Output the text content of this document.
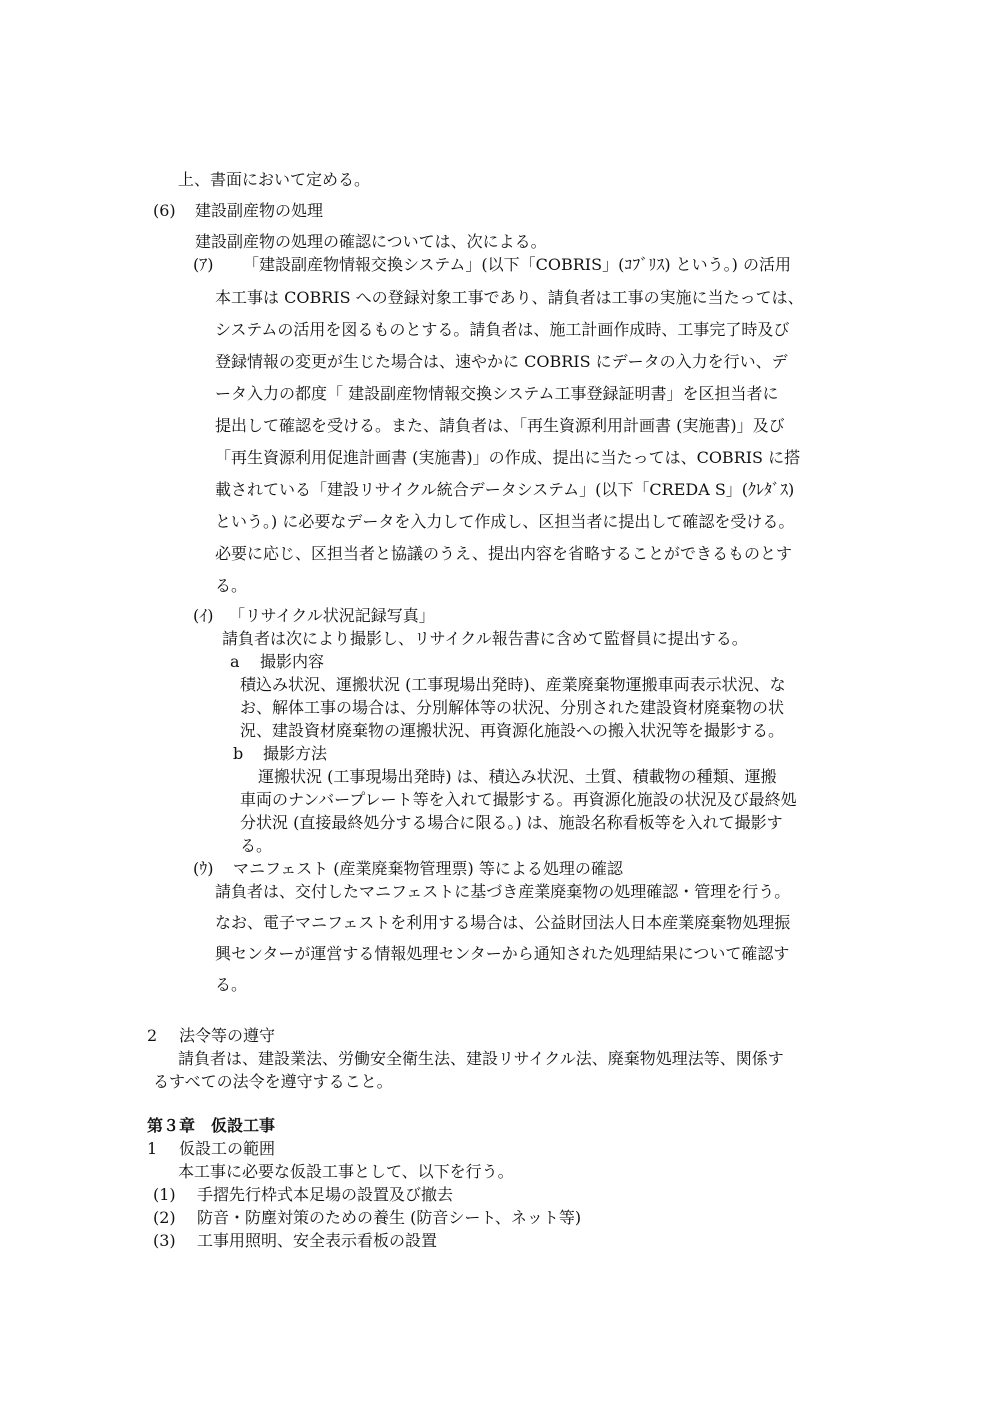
上、書面において定める。
(6) 建設副産物の処理
建設副産物の処理の確認については、次による。
(ｱ) 「建設副産物情報交換システム」(以下「COBRIS」(ｺﾌﾞﾘｽ) という。) の活用
本工事は COBRIS への登録対象工事であり、請負者は工事の実施に当たっては、
システムの活用を図るものとする。請負者は、施工計画作成時、工事完了時及び
登録情報の変更が生じた場合は、速やかに COBRIS にデータの入力を行い、デ
ータ入力の都度「 建設副産物情報交換システム工事登録証明書」を区担当者に
提出して確認を受ける。また、請負者は、「再生資源利用計画書 (実施書)」及び
「再生資源利用促進計画書 (実施書)」の作成、提出に当たっては、COBRIS に搭
載されている「建設リサイクル統合データシステム」(以下「CREDA S」(ｸﾚﾀﾞｽ)
という。) に必要なデータを入力して作成し、区担当者に提出して確認を受ける。
必要に応じ、区担当者と協議のうえ、提出内容を省略することができるものとす
る。
(ｲ) 「リサイクル状況記録写真」
請負者は次により撮影し、リサイクル報告書に含めて監督員に提出する。
a 撮影内容
積込み状況、運搬状況 (工事現場出発時)、産業廃棄物運搬車両表示状況、な
お、解体工事の場合は、分別解体等の状況、分別された建設資材廃棄物の状
況、建設資材廃棄物の運搬状況、再資源化施設への搬入状況等を撮影する。
b 撮影方法
運搬状況 (工事現場出発時) は、積込み状況、土質、積載物の種類、運搬
車両のナンバープレート等を入れて撮影する。再資源化施設の状況及び最終処
分状況 (直接最終処分する場合に限る。) は、施設名称看板等を入れて撮影す
る。
(ｳ) マニフェスト (産業廃棄物管理票) 等による処理の確認
請負者は、交付したマニフェストに基づき産業廃棄物の処理確認・管理を行う。
なお、電子マニフェストを利用する場合は、公益財団法人日本産業廃棄物処理振
興センターが運営する情報処理センターから通知された処理結果について確認す
る。
2 法令等の遵守
請負者は、建設業法、労働安全衛生法、建設リサイクル法、廃棄物処理法等、関係す
るすべての法令を遵守すること。
第３章　仮設工事
1 仮設工の範囲
本工事に必要な仮設工事として、以下を行う。
(1) 手摺先行枠式本足場の設置及び撤去
(2) 防音・防塵対策のための養生 (防音シート、ネット等)
(3) 工事用照明、安全表示看板の設置
